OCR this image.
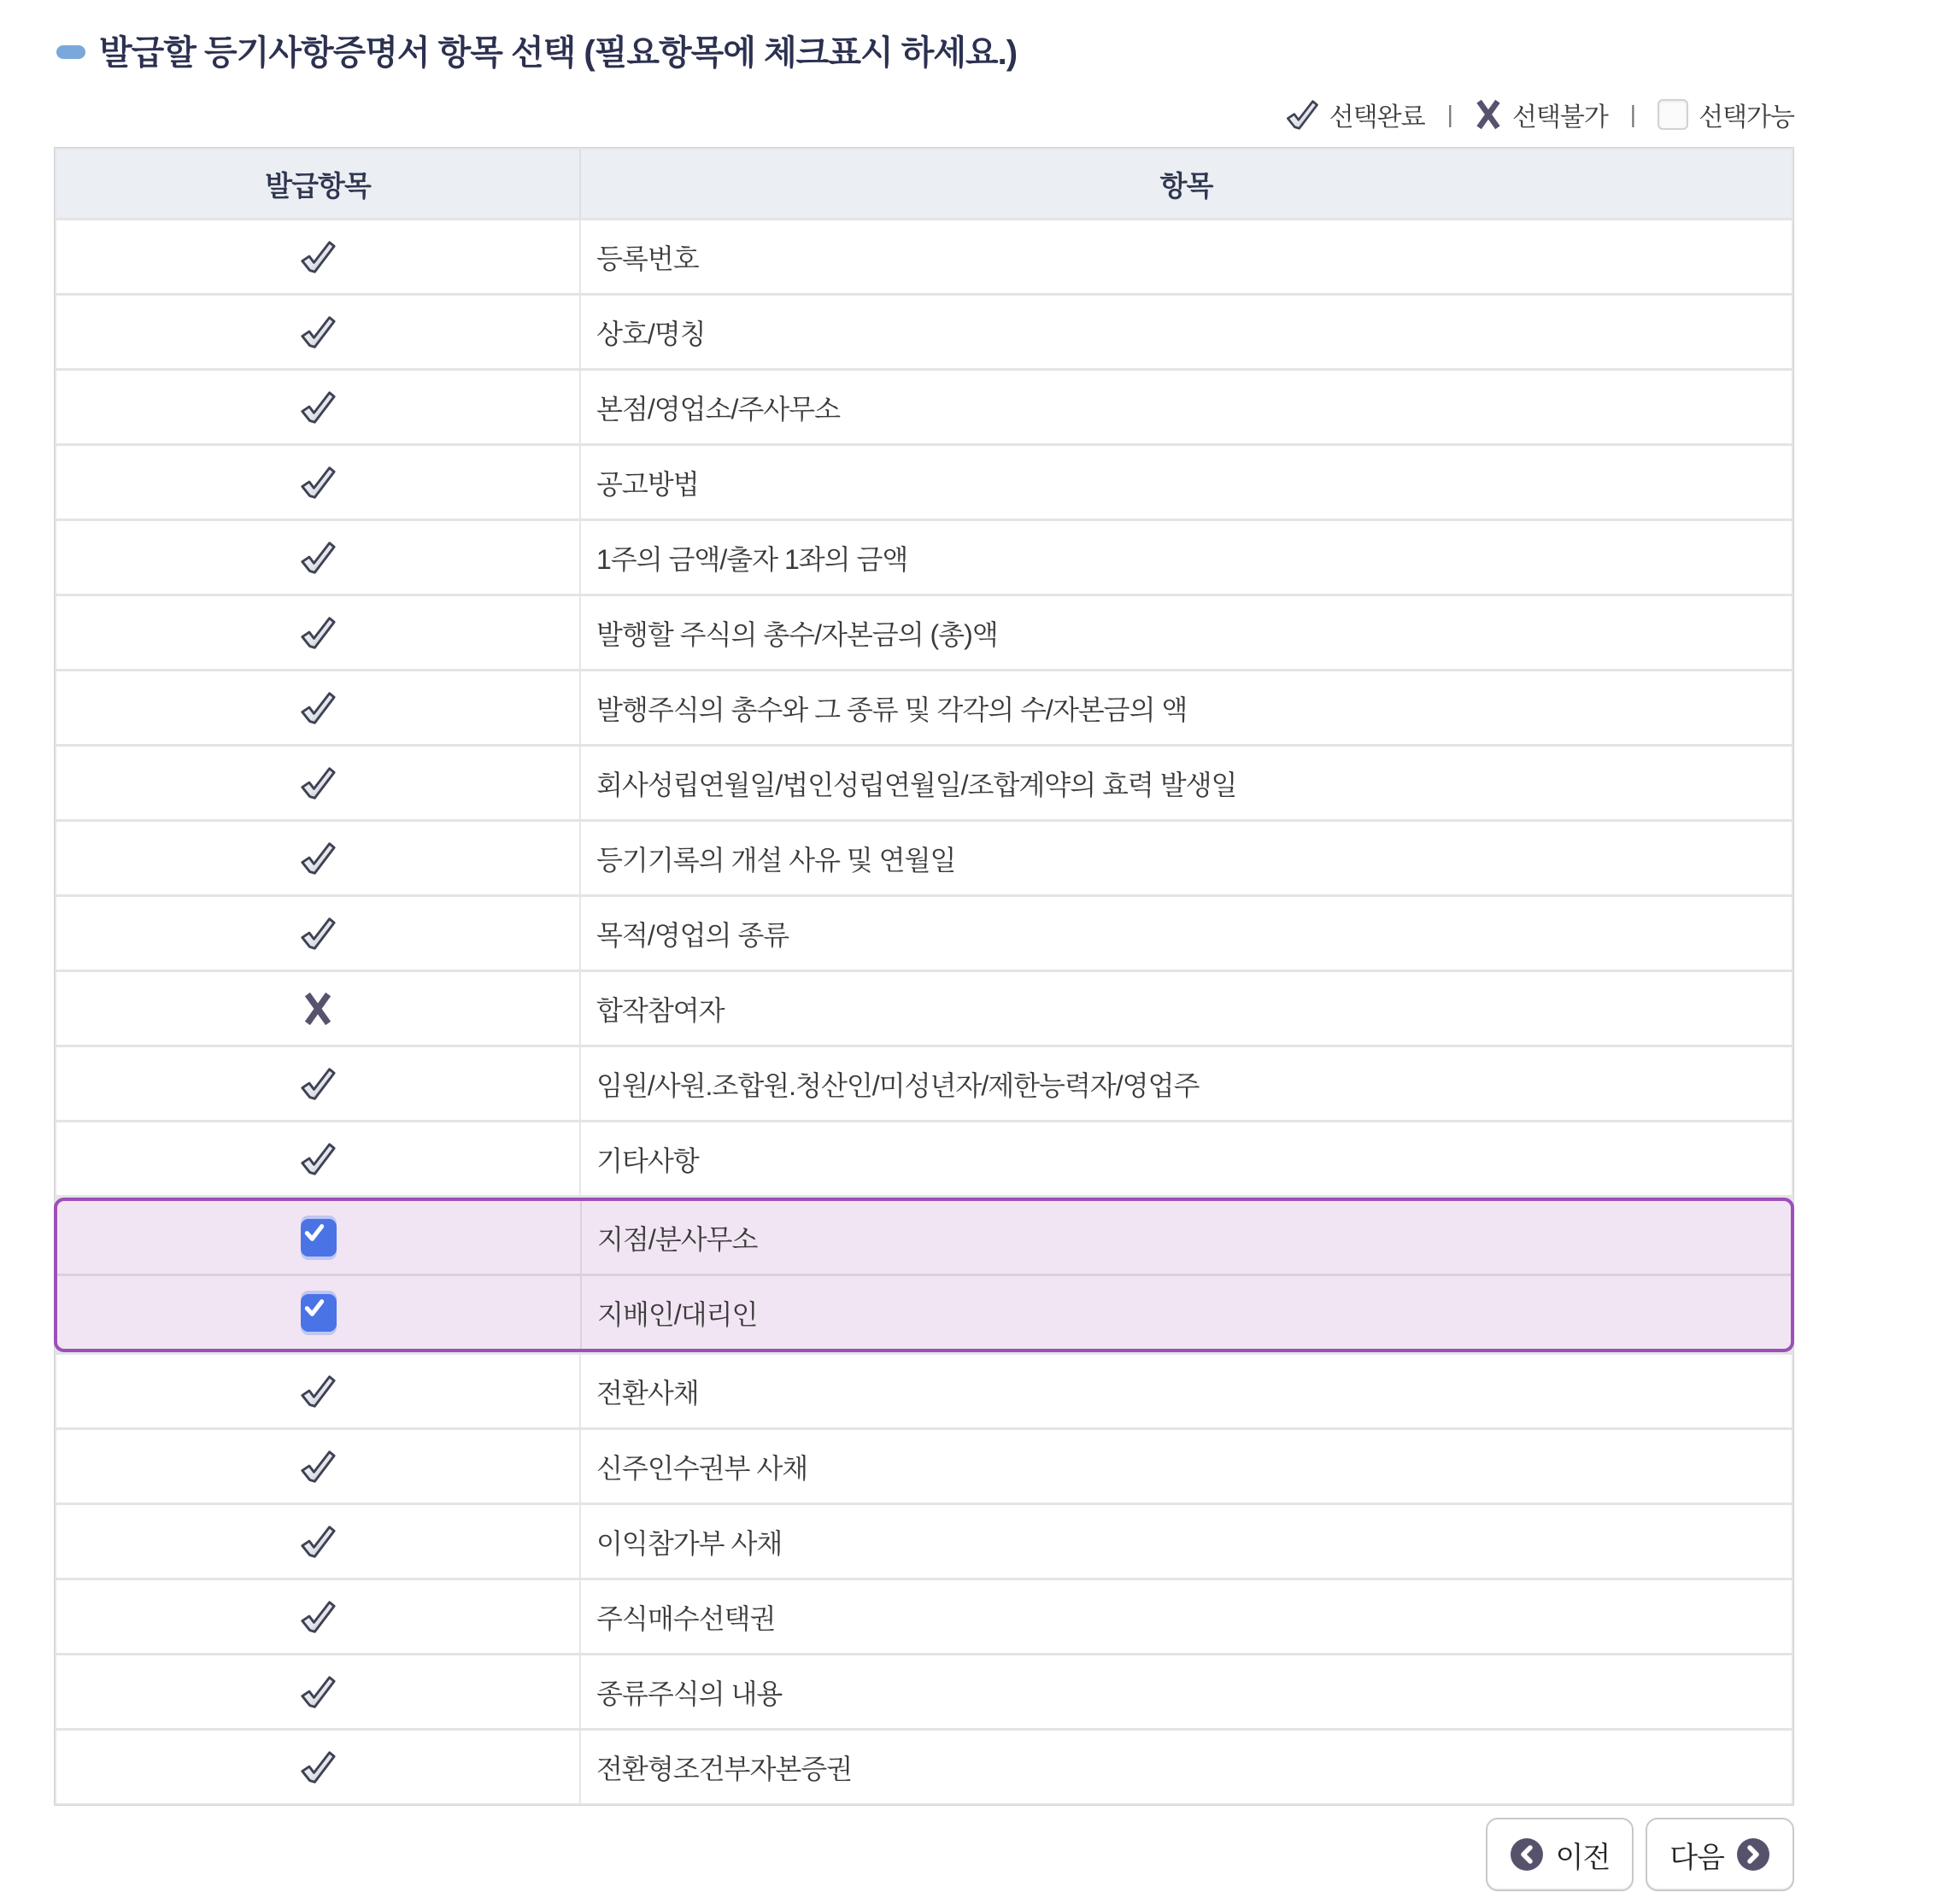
발급할 등기사항증명서 항목 선택 (필요항목에 체크표시 하세요.)
선택완료 | 선택불가 | 선택가능
발급항목	항목
등록번호
상호/명칭
본점/영업소/주사무소
공고방법
1주의 금액/출자 1좌의 금액
발행할 주식의 총수/자본금의 (총)액
발행주식의 총수와 그 종류 및 각각의 수/자본금의 액
회사성립연월일/법인성립연월일/조합계약의 효력 발생일
등기기록의 개설 사유 및 연월일
목적/영업의 종류
합작참여자
임원/사원.조합원.청산인/미성년자/제한능력자/영업주
기타사항
지점/분사무소
지배인/대리인
전환사채
신주인수권부 사채
이익참가부 사채
주식매수선택권
종류주식의 내용
전환형조건부자본증권
이전 다음
